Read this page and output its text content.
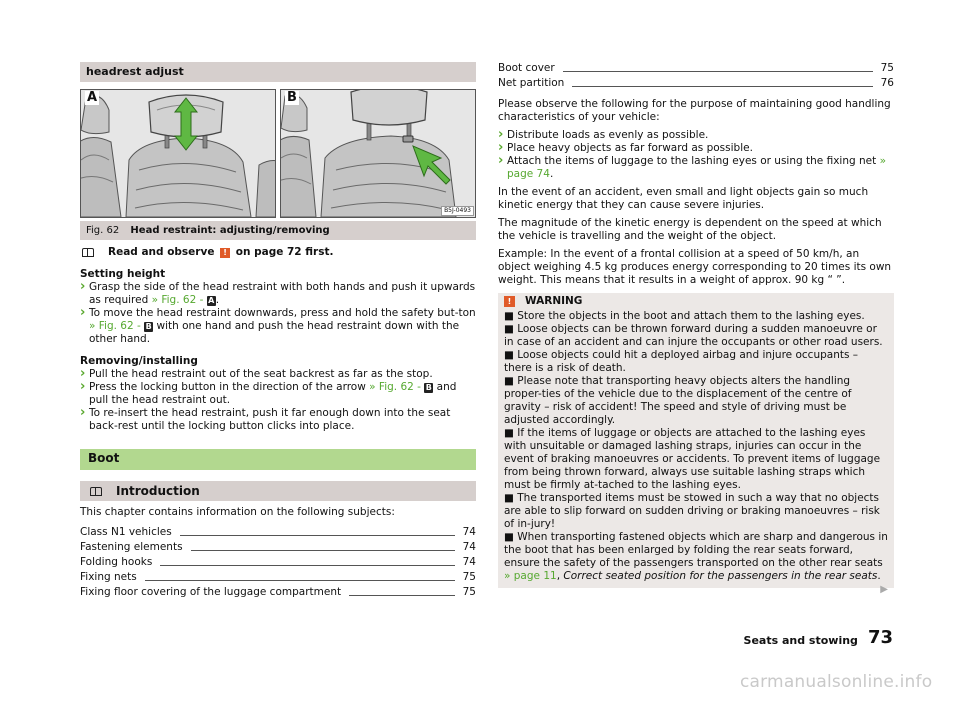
headrest adjust
A	B
B5J-0493
Fig. 62 Head restraint: adjusting/removing
Read and observe
	!
on page 72 first.
Setting height
› Grasp the side of the head restraint with both hands and push it upwards as required » Fig. 62 - A.
› To move the head restraint downwards, press and hold the safety but-ton » Fig. 62 - B with one hand and push the head restraint down with the other hand.
Removing/installing
› Pull the head restraint out of the seat backrest as far as the stop.
› Press the locking button in the direction of the arrow » Fig. 62 - B and pull the head restraint out.
› To re-insert the head restraint, push it far enough down into the seat back-rest until the locking button clicks into place.
Boot
Introduction
This chapter contains information on the following subjects:
Class N1 vehicles	74
Fastening elements	74
Folding hooks	74
Fixing nets	75
Fixing floor covering of the luggage compartment	75
Boot cover	75
Net partition	76
Please observe the following for the purpose of maintaining good handling characteristics of your vehicle:
› Distribute loads as evenly as possible.
› Place heavy objects as far forward as possible.
› Attach the items of luggage to the lashing eyes or using the fixing net » page 74.
In the event of an accident, even small and light objects gain so much kinetic energy that they can cause severe injuries.
The magnitude of the kinetic energy is dependent on the speed at which the vehicle is travelling and the weight of the object.
Example: In the event of a frontal collision at a speed of 50 km/h, an object weighing 4.5 kg produces energy corresponding to 20 times its own weight. This means that it results in a weight of approx. 90 kg “ ”.
!	WARNING
■ Store the objects in the boot and attach them to the lashing eyes.
■ Loose objects can be thrown forward during a sudden manoeuvre or in case of an accident and can injure the occupants or other road users.
■ Loose objects could hit a deployed airbag and injure occupants – there is a risk of death.
■ Please note that transporting heavy objects alters the handling proper-ties of the vehicle due to the displacement of the centre of gravity – risk of accident! The speed and style of driving must be adjusted accordingly.
■ If the items of luggage or objects are attached to the lashing eyes with unsuitable or damaged lashing straps, injuries can occur in the event of braking manoeuvres or accidents. To prevent items of luggage from being thrown forward, always use suitable lashing straps which must be firmly at-tached to the lashing eyes.
■ The transported items must be stowed in such a way that no objects are able to slip forward on sudden driving or braking manoeuvres – risk of in-jury!
■ When transporting fastened objects which are sharp and dangerous in the boot that has been enlarged by folding the rear seats forward, ensure the safety of the passengers transported on the other rear seats » page 11, Correct seated position for the passengers in the rear seats.
▶
Seats and stowing 73
carmanualsonline.info
